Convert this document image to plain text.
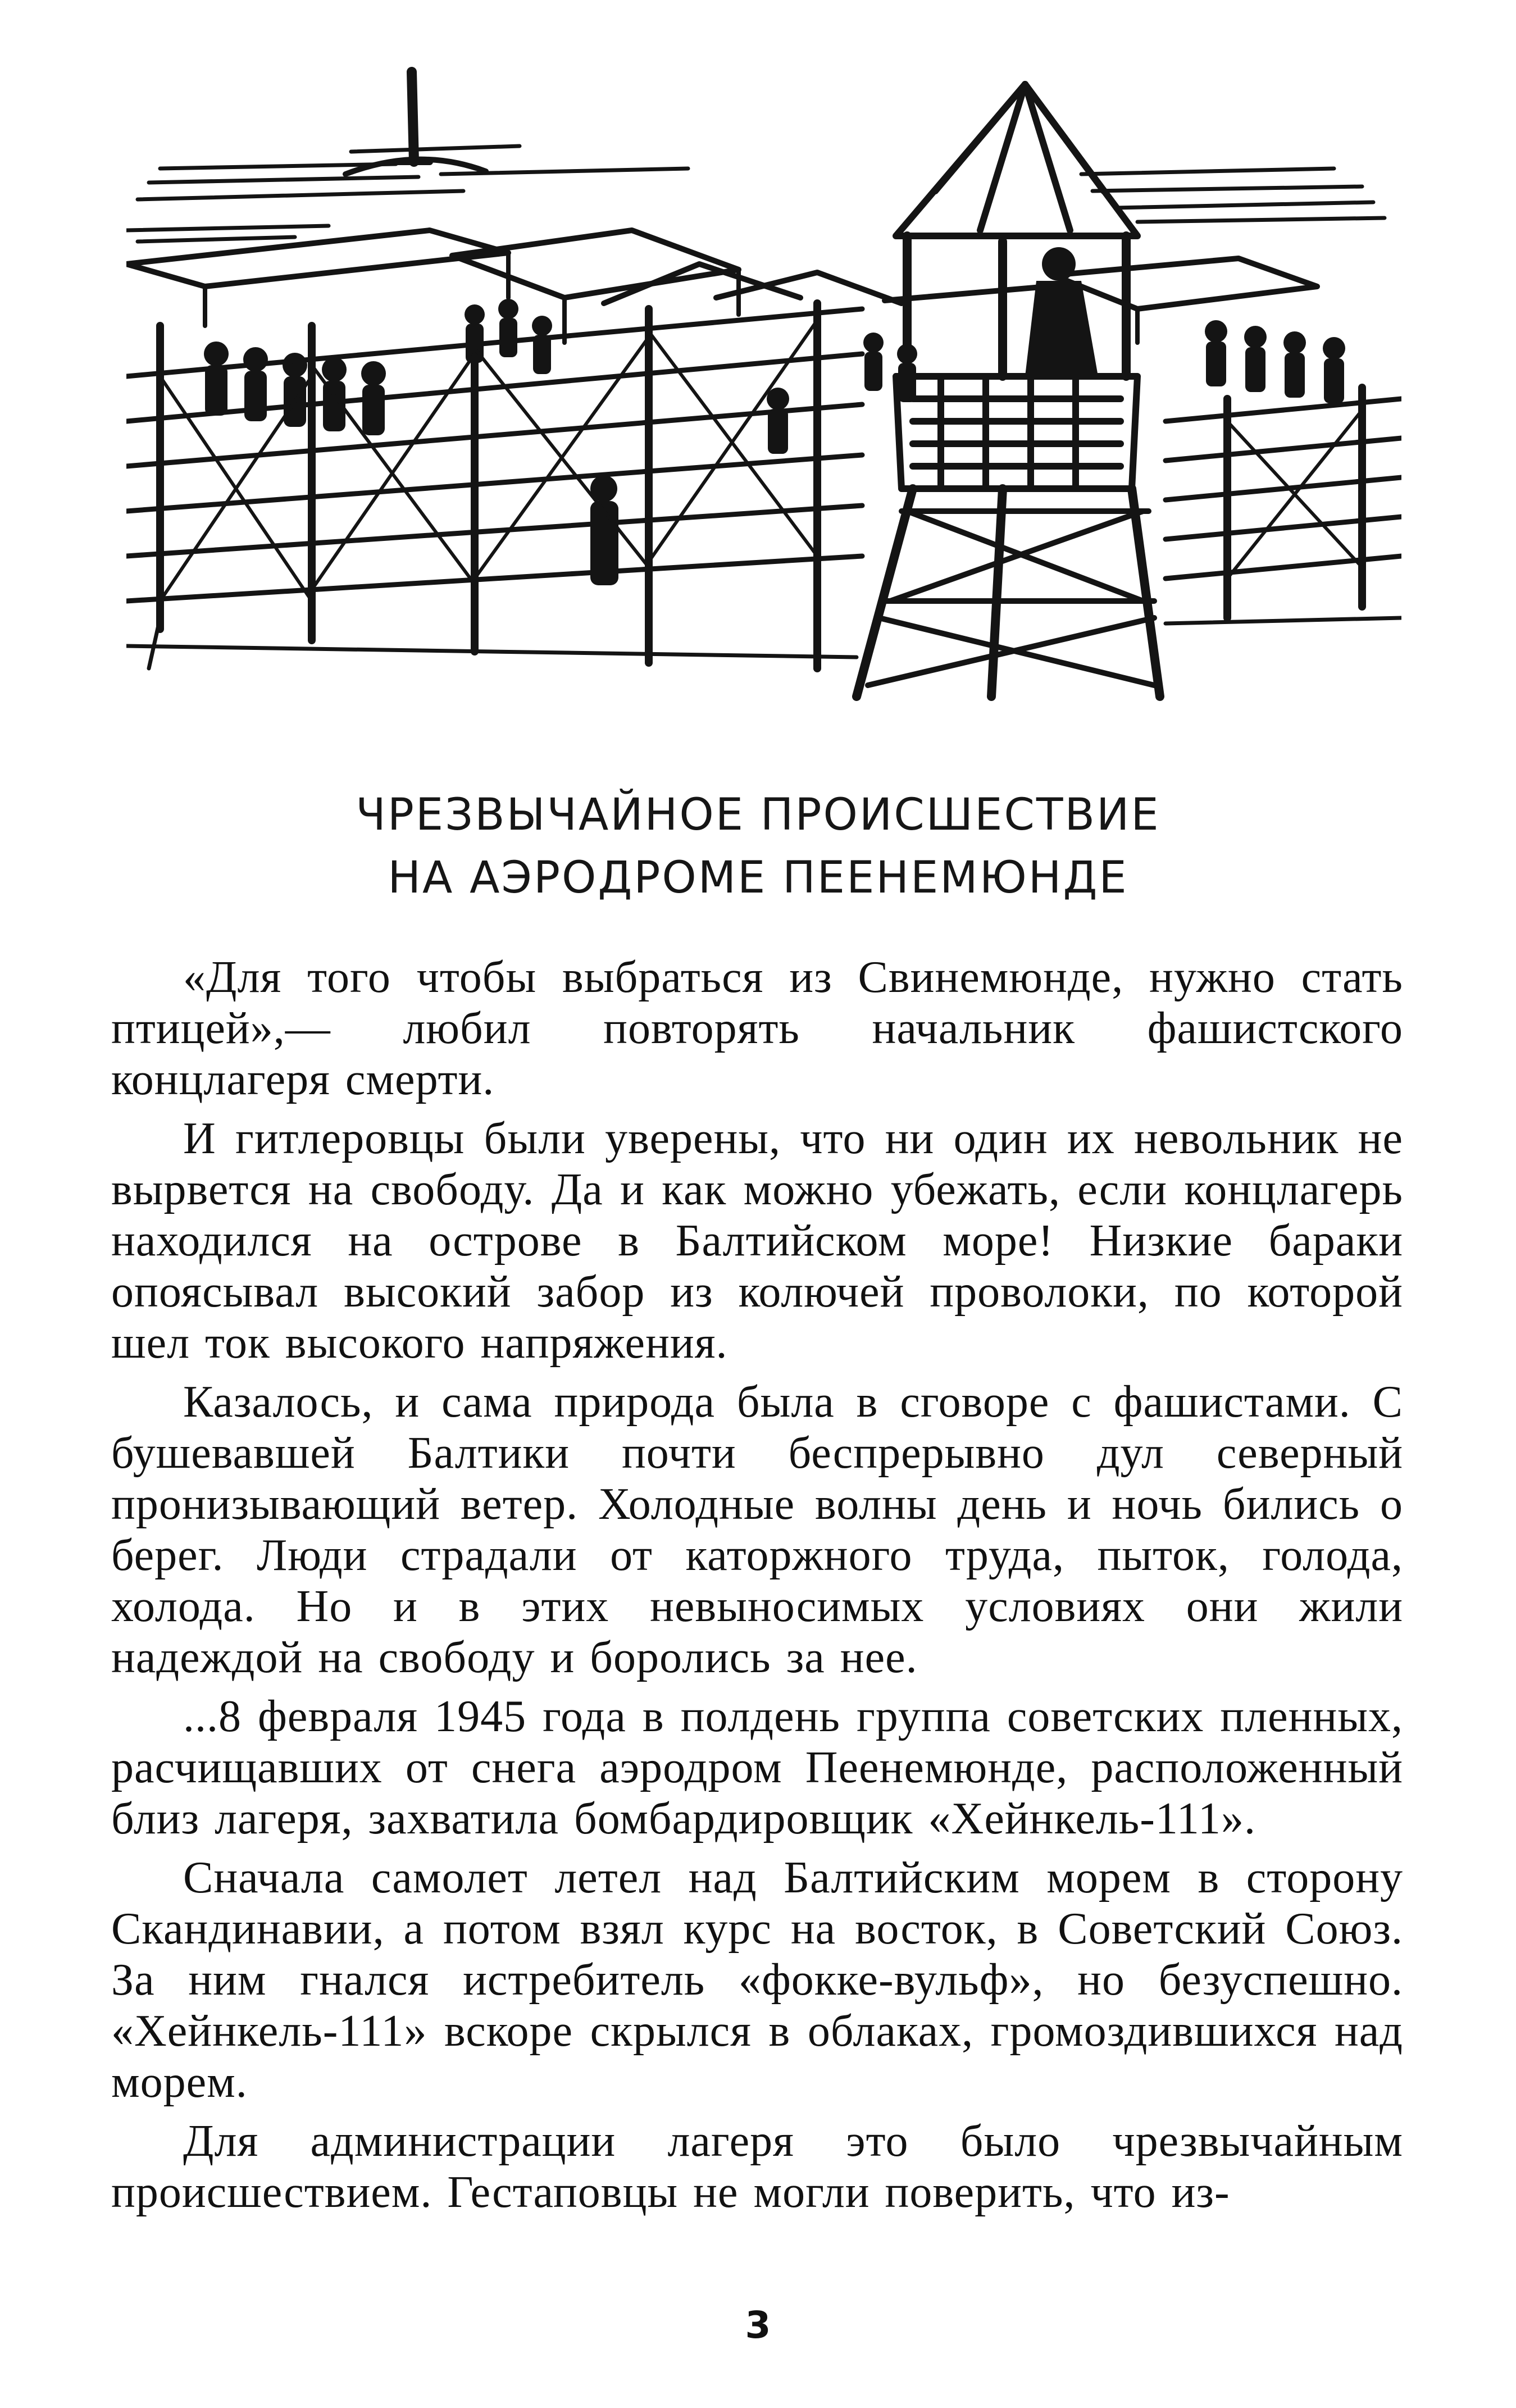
ЧРЕЗВЫЧАЙНОЕ ПРОИСШЕСТВИЕ
НА АЭРОДРОМЕ ПЕЕНЕМЮНДЕ

«Для того чтобы выбраться из Свинемюнде, нужно стать птицей»,— любил повторять начальник фашистского концлагеря смерти.

И гитлеровцы были уверены, что ни один их невольник не вырвется на свободу. Да и как можно убежать, если концлагерь находился на острове в Балтийском море! Низкие бараки опоясывал высокий забор из колючей проволоки, по которой шел ток высокого напряжения.

Казалось, и сама природа была в сговоре с фашистами. С бушевавшей Балтики почти беспрерывно дул северный пронизывающий ветер. Холодные волны день и ночь бились о берег. Люди страдали от каторжного труда, пыток, голода, холода. Но и в этих невыносимых условиях они жили надеждой на свободу и боролись за нее.

...8 февраля 1945 года в полдень группа советских пленных, расчищавших от снега аэродром Пеенемюнде, расположенный близ лагеря, захватила бомбардировщик «Хейнкель-111».

Сначала самолет летел над Балтийским морем в сторону Скандинавии, а потом взял курс на восток, в Советский Союз. За ним гнался истребитель «фокке-вульф», но безуспешно. «Хейнкель-111» вскоре скрылся в облаках, громоздившихся над морем.

Для администрации лагеря это было чрезвычайным происшествием. Гестаповцы не могли поверить, что из-

3
